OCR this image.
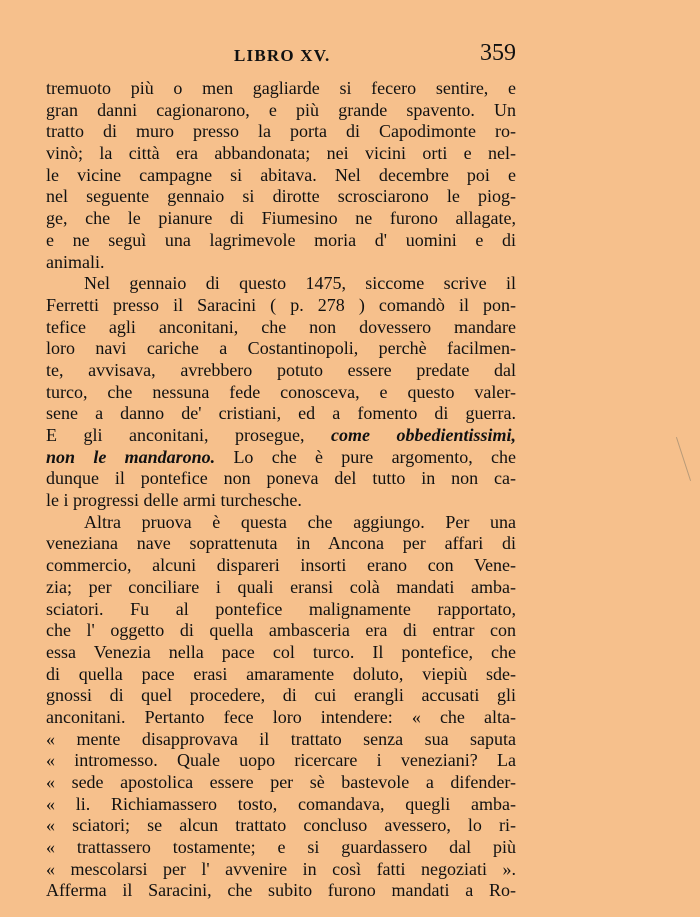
LIBRO XV.	359
tremuoto più o men gagliarde si fecero sentire, e
gran danni cagionarono, e più grande spavento. Un
tratto di muro presso la porta di Capodimonte ro-
vinò; la città era abbandonata; nei vicini orti e nel-
le vicine campagne si abitava. Nel decembre poi e
nel seguente gennaio si dirotte scrosciarono le piog-
ge, che le pianure di Fiumesino ne furono allagate,
e ne seguì una lagrimevole moria d' uomini e di
animali.
Nel gennaio di questo 1475, siccome scrive il
Ferretti presso il Saracini ( p. 278 ) comandò il pon-
tefice agli anconitani, che non dovessero mandare
loro navi cariche a Costantinopoli, perchè facilmen-
te, avvisava, avrebbero potuto essere predate dal
turco, che nessuna fede conosceva, e questo valer-
sene a danno de' cristiani, ed a fomento di guerra.
E gli anconitani, prosegue, come obbedientissimi,
non le mandarono. Lo che è pure argomento, che
dunque il pontefice non poneva del tutto in non ca-
le i progressi delle armi turchesche.
Altra pruova è questa che aggiungo. Per una
veneziana nave soprattenuta in Ancona per affari di
commercio, alcuni dispareri insorti erano con Vene-
zia; per conciliare i quali eransi colà mandati amba-
sciatori. Fu al pontefice malignamente rapportato,
che l' oggetto di quella ambasceria era di entrar con
essa Venezia nella pace col turco. Il pontefice, che
di quella pace erasi amaramente doluto, viepiù sde-
gnossi di quel procedere, di cui erangli accusati gli
anconitani. Pertanto fece loro intendere: « che alta-
« mente disapprovava il trattato senza sua saputa
« intromesso. Quale uopo ricercare i veneziani? La
« sede apostolica essere per sè bastevole a difender-
« li. Richiamassero tosto, comandava, quegli amba-
« sciatori; se alcun trattato concluso avessero, lo ri-
« trattassero tostamente; e si guardassero dal più
« mescolarsi per l' avvenire in così fatti negoziati ».
Afferma il Saracini, che subito furono mandati a Ro-
